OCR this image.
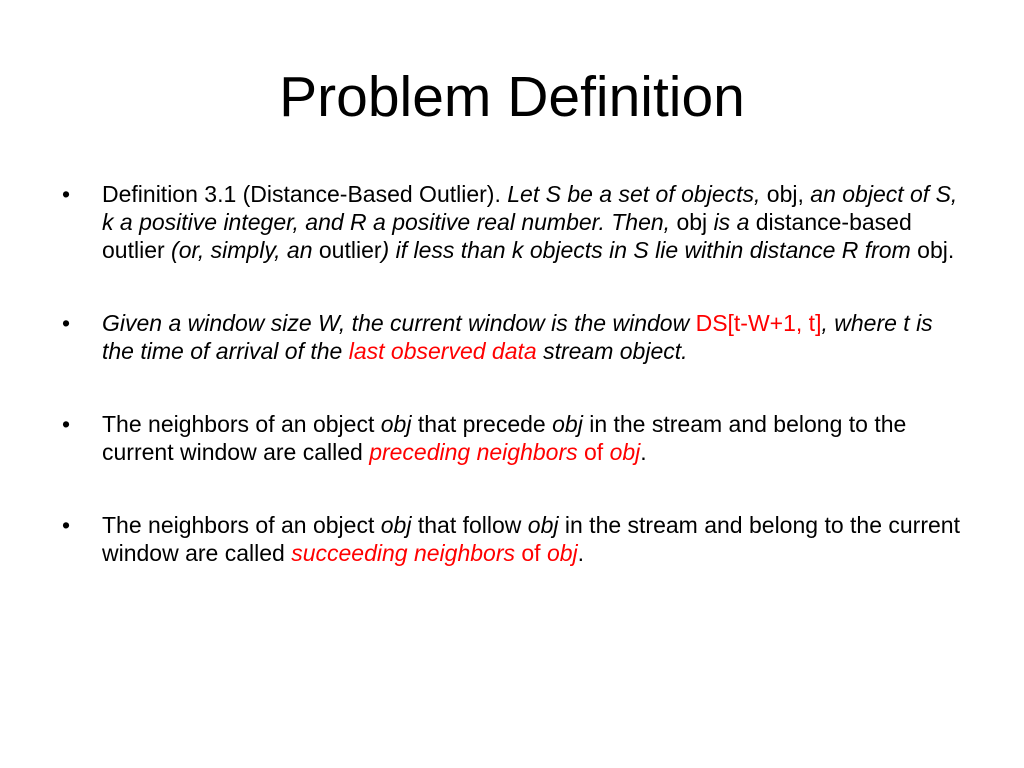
Problem Definition
•	Definition 3.1 (Distance-Based Outlier). Let S be a set of objects, obj, an object of S, k a positive integer, and R a positive real number. Then, obj is a distance-based outlier (or, simply, an outlier) if less than k objects in S lie within distance R from obj.
•	Given a window size W, the current window is the window DS[t-W+1, t], where t is the time of arrival of the last observed data stream object.
•	The neighbors of an object obj that precede obj in the stream and belong to the current window are called preceding neighbors of obj.
•	The neighbors of an object obj that follow obj in the stream and belong to the current window are called succeeding neighbors of obj.
